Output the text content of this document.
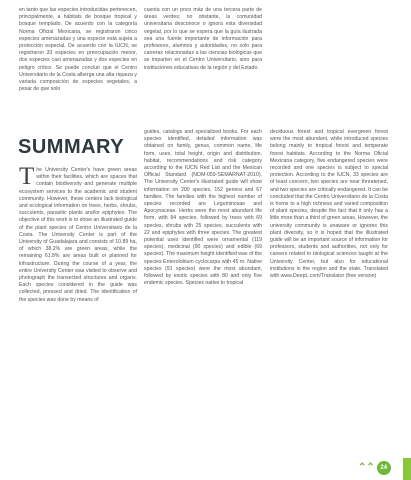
en tanto que las especies introducidas pertenecen, principalmente, a hábitats de bosque tropical y bosque templado. De acuerdo con la categoría Norma Oficial Mexicana, se registraron cinco especies amenazadas y una especie está sujeta a protección especial. De acuerdo con la IUCN, se registraron 33 especies en preocupación menor, dos especies casi amenazadas y dos especies en peligro crítico. Se puede concluir que el Centro Universitario de la Costa alberga una alta riqueza y variada composición de especies vegetales, a pesar de que solo

cuenta con un poco más de una tercera parte de áreas verdes; no obstante, la comunidad universitaria desconoce o ignora esta diversidad vegetal, por lo que se espera que la guía ilustrada sea una fuente importante de información para profesores, alumnos y autoridades, no solo para carreras relacionadas a las ciencias biológicas que se imparten en el Centro Universitario, sino para instituciones educativas de la región y del Estado.

SUMMARY

The University Center's have green areas within their facilities, which are spaces that contain biodiversity and generate multiple ecosystem services to the academic and student community. However, these centers lack biological and ecological information on trees, herbs, shrubs, succulents, parasitic plants and/or epiphytes. The objective of this work is to show an illustrated guide of the plant species of Centro Universitario de la Costa. The University Center is part of the University of Guadalajara and consists of 10.89 ha, of which 38.2% are green areas, while the remaining 61.8% are areas built or planned for infrastructure. During the course of a year, the entire University Center was visited to observe and photograph the transected structures and organs. Each species considered in the guide was collected, pressed and dried. The identification of the species was done by means of

guides, catalogs and specialized books. For each species identified, detailed information was obtained on family, genus, common name, life form, uses, total height, origin and distribution, habitat, recommendations and risk category according to the IUCN Red List and the Mexican Official Standard (NOM-059-SEMARNAT-2010). The University Center's illustrated guide will show information on 200 species, 152 genera and 67 families. The families with the highest number of species recorded are Leguminosae and Apocynaceae. Herbs were the most abundant life form, with 84 species, followed by trees with 69 species, shrubs with 25 species, succulents with 22 and epiphytes with three species. The greatest potential uses identified were ornamental (119 species), medicinal (90 species) and edible (69 species). The maximum height identified was of the species Enterolobium cyclocarpa with 45 m. Native species (91 species) were the most abundant, followed by exotic species with 80 and only five endemic species. Species native to tropical

deciduous forest and tropical evergreen forest were the most abundant, while introduced species belong mainly to tropical forest and temperate forest habitats. According to the Norma Oficial Mexicana category, five endangered species were recorded and one species is subject to special protection. According to the IUCN, 33 species are of least concern, two species are near threatened, and two species are critically endangered. It can be concluded that the Centro Universitario de la Costa is home to a high richness and varied composition of plant species, despite the fact that it only has a little more than a third of green areas. However, the university community is unaware or ignores this plant diversity, so it is hoped that the illustrated guide will be an important source of information for professors, students and authorities, not only for careers related to biological sciences taught at the University Center, but also for educational institutions in the region and the state. Translated with www.DeepL.com/Translator (free version)

⌃⌃ 24
